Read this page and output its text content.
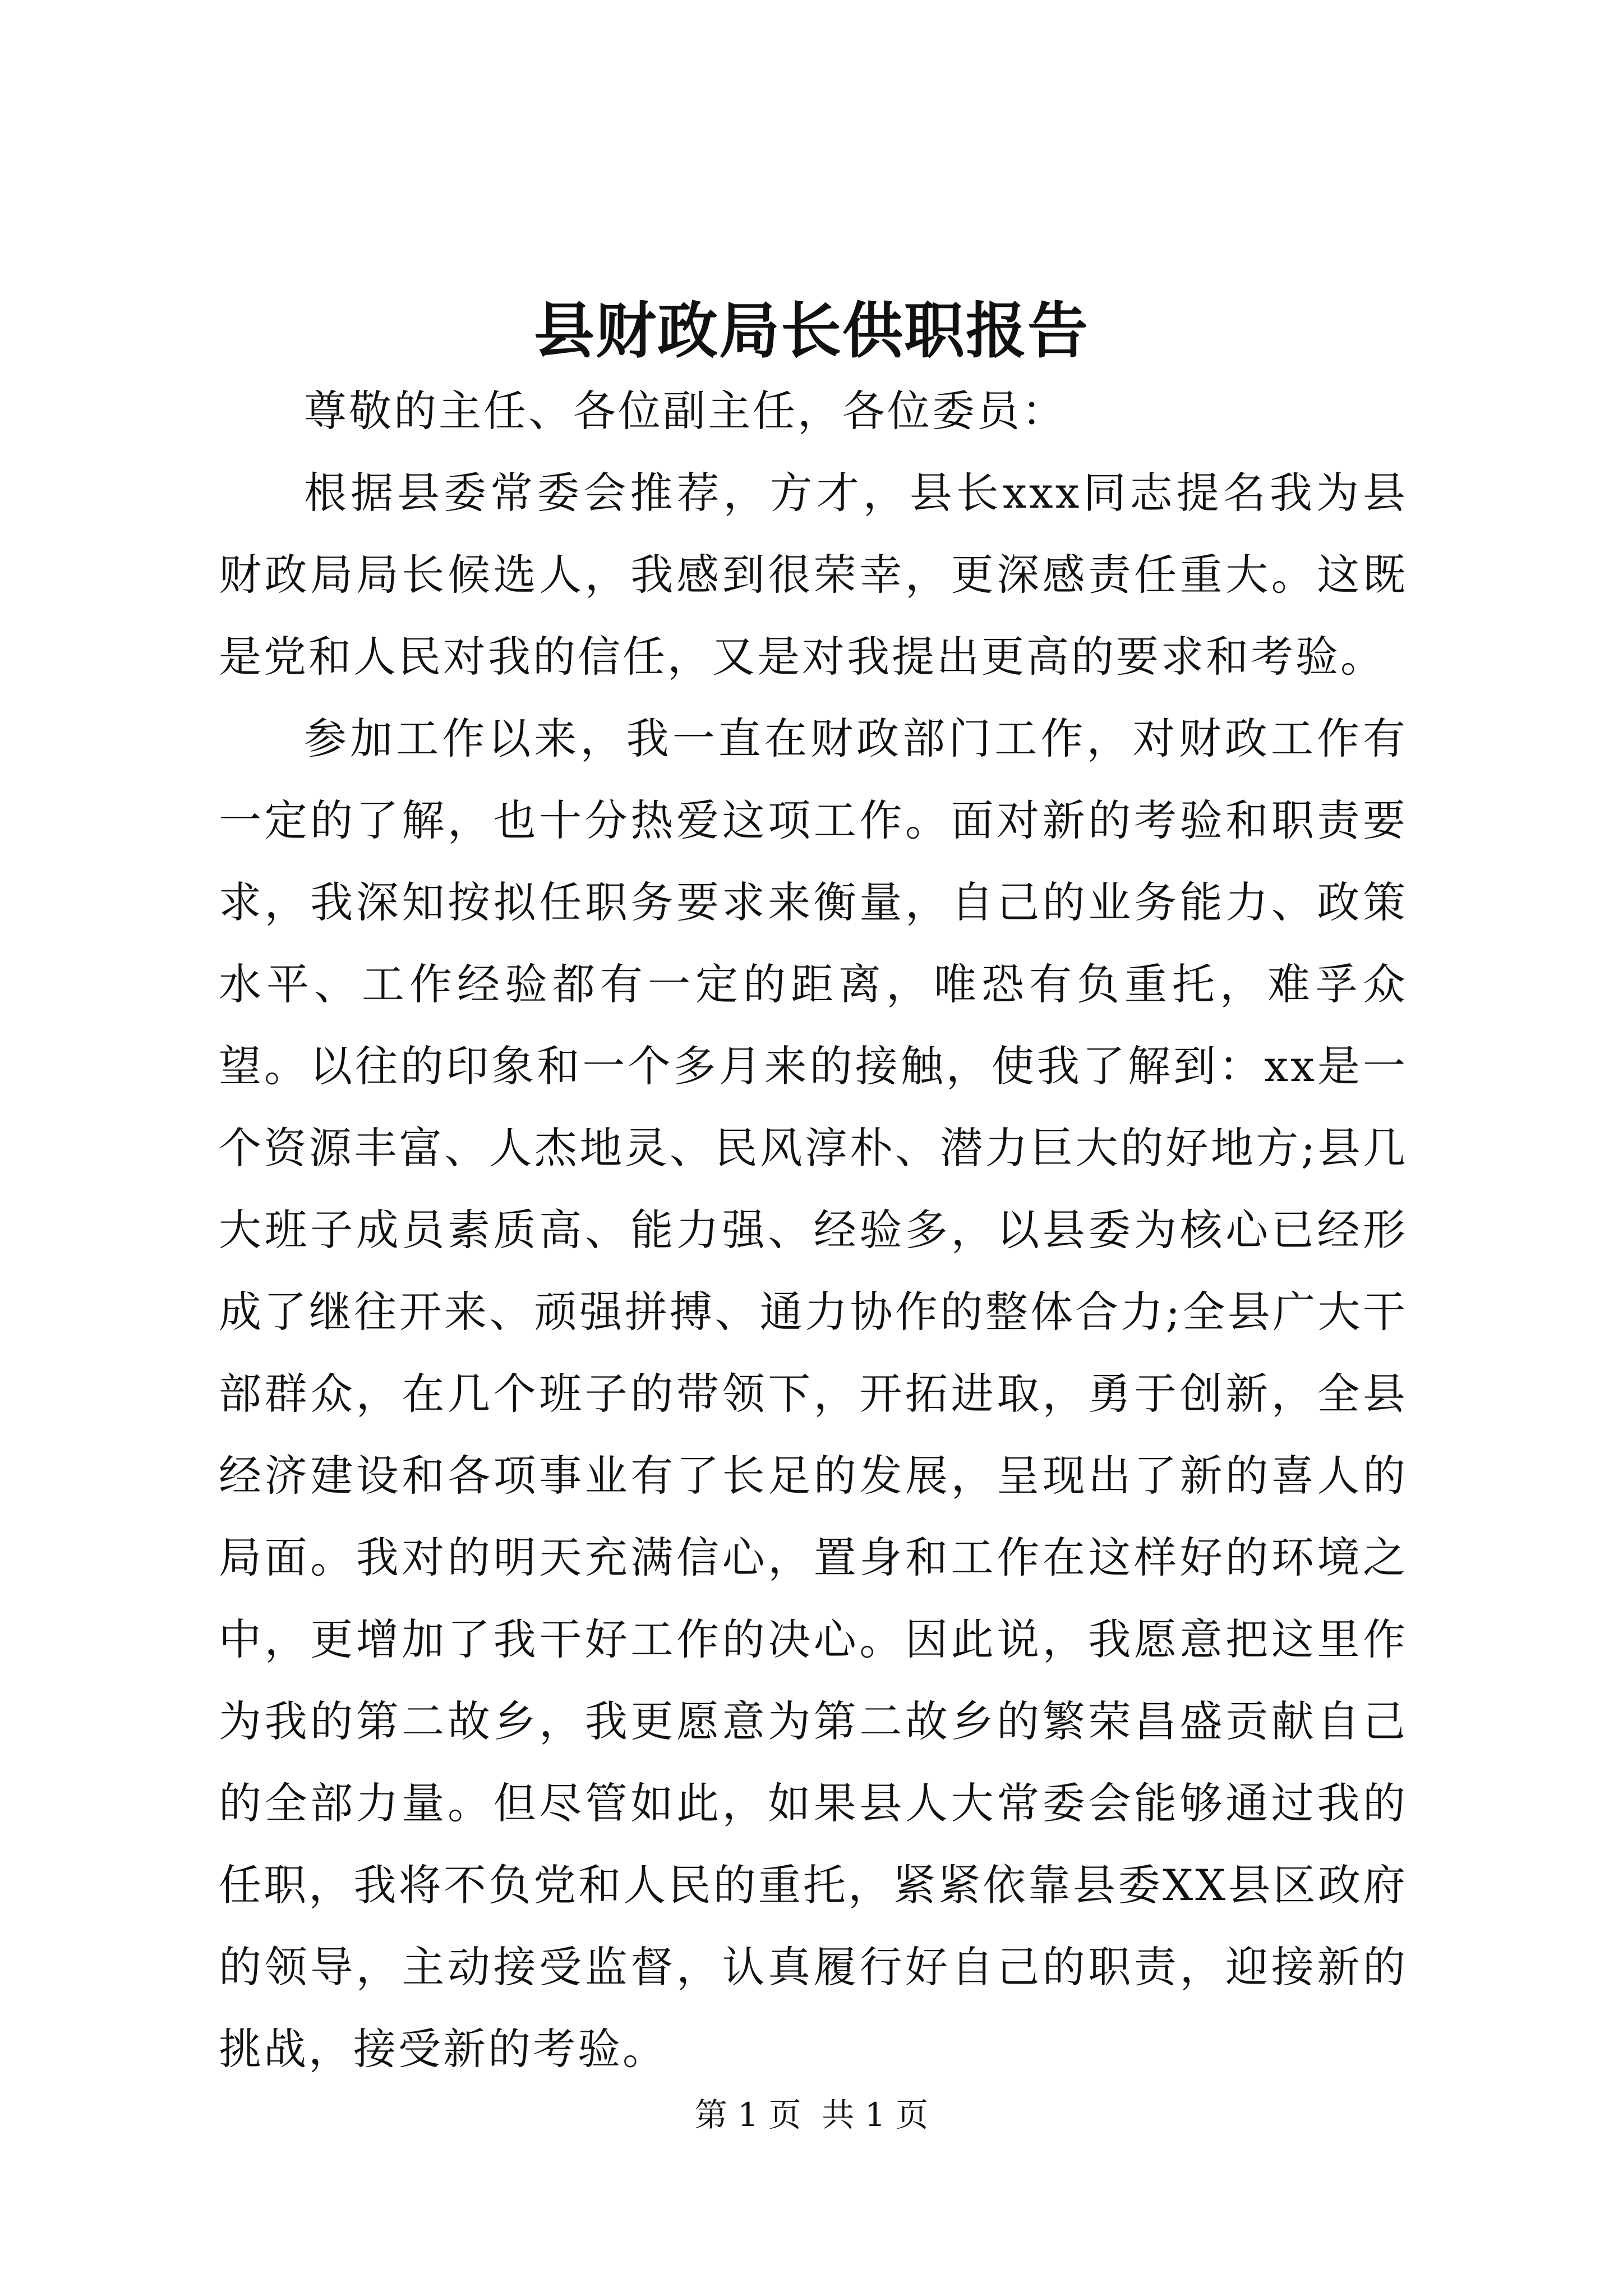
县财政局长供职报告

尊敬的主任、各位副主任，各位委员：

根据县委常委会推荐，方才，县长xxx同志提名我为县财政局局长候选人，我感到很荣幸，更深感责任重大。这既是党和人民对我的信任，又是对我提出更高的要求和考验。

参加工作以来，我一直在财政部门工作，对财政工作有一定的了解，也十分热爱这项工作。面对新的考验和职责要求，我深知按拟任职务要求来衡量，自己的业务能力、政策水平、工作经验都有一定的距离，唯恐有负重托，难孚众望。以往的印象和一个多月来的接触，使我了解到：xx是一个资源丰富、人杰地灵、民风淳朴、潜力巨大的好地方;县几大班子成员素质高、能力强、经验多，以县委为核心已经形成了继往开来、顽强拼搏、通力协作的整体合力;全县广大干部群众，在几个班子的带领下，开拓进取，勇于创新，全县经济建设和各项事业有了长足的发展，呈现出了新的喜人的局面。我对的明天充满信心，置身和工作在这样好的环境之中，更增加了我干好工作的决心。因此说，我愿意把这里作为我的第二故乡，我更愿意为第二故乡的繁荣昌盛贡献自己的全部力量。但尽管如此，如果县人大常委会能够通过我的任职，我将不负党和人民的重托，紧紧依靠县委XX县区政府的领导，主动接受监督，认真履行好自己的职责，迎接新的挑战，接受新的考验。

第 1 页  共 1 页
